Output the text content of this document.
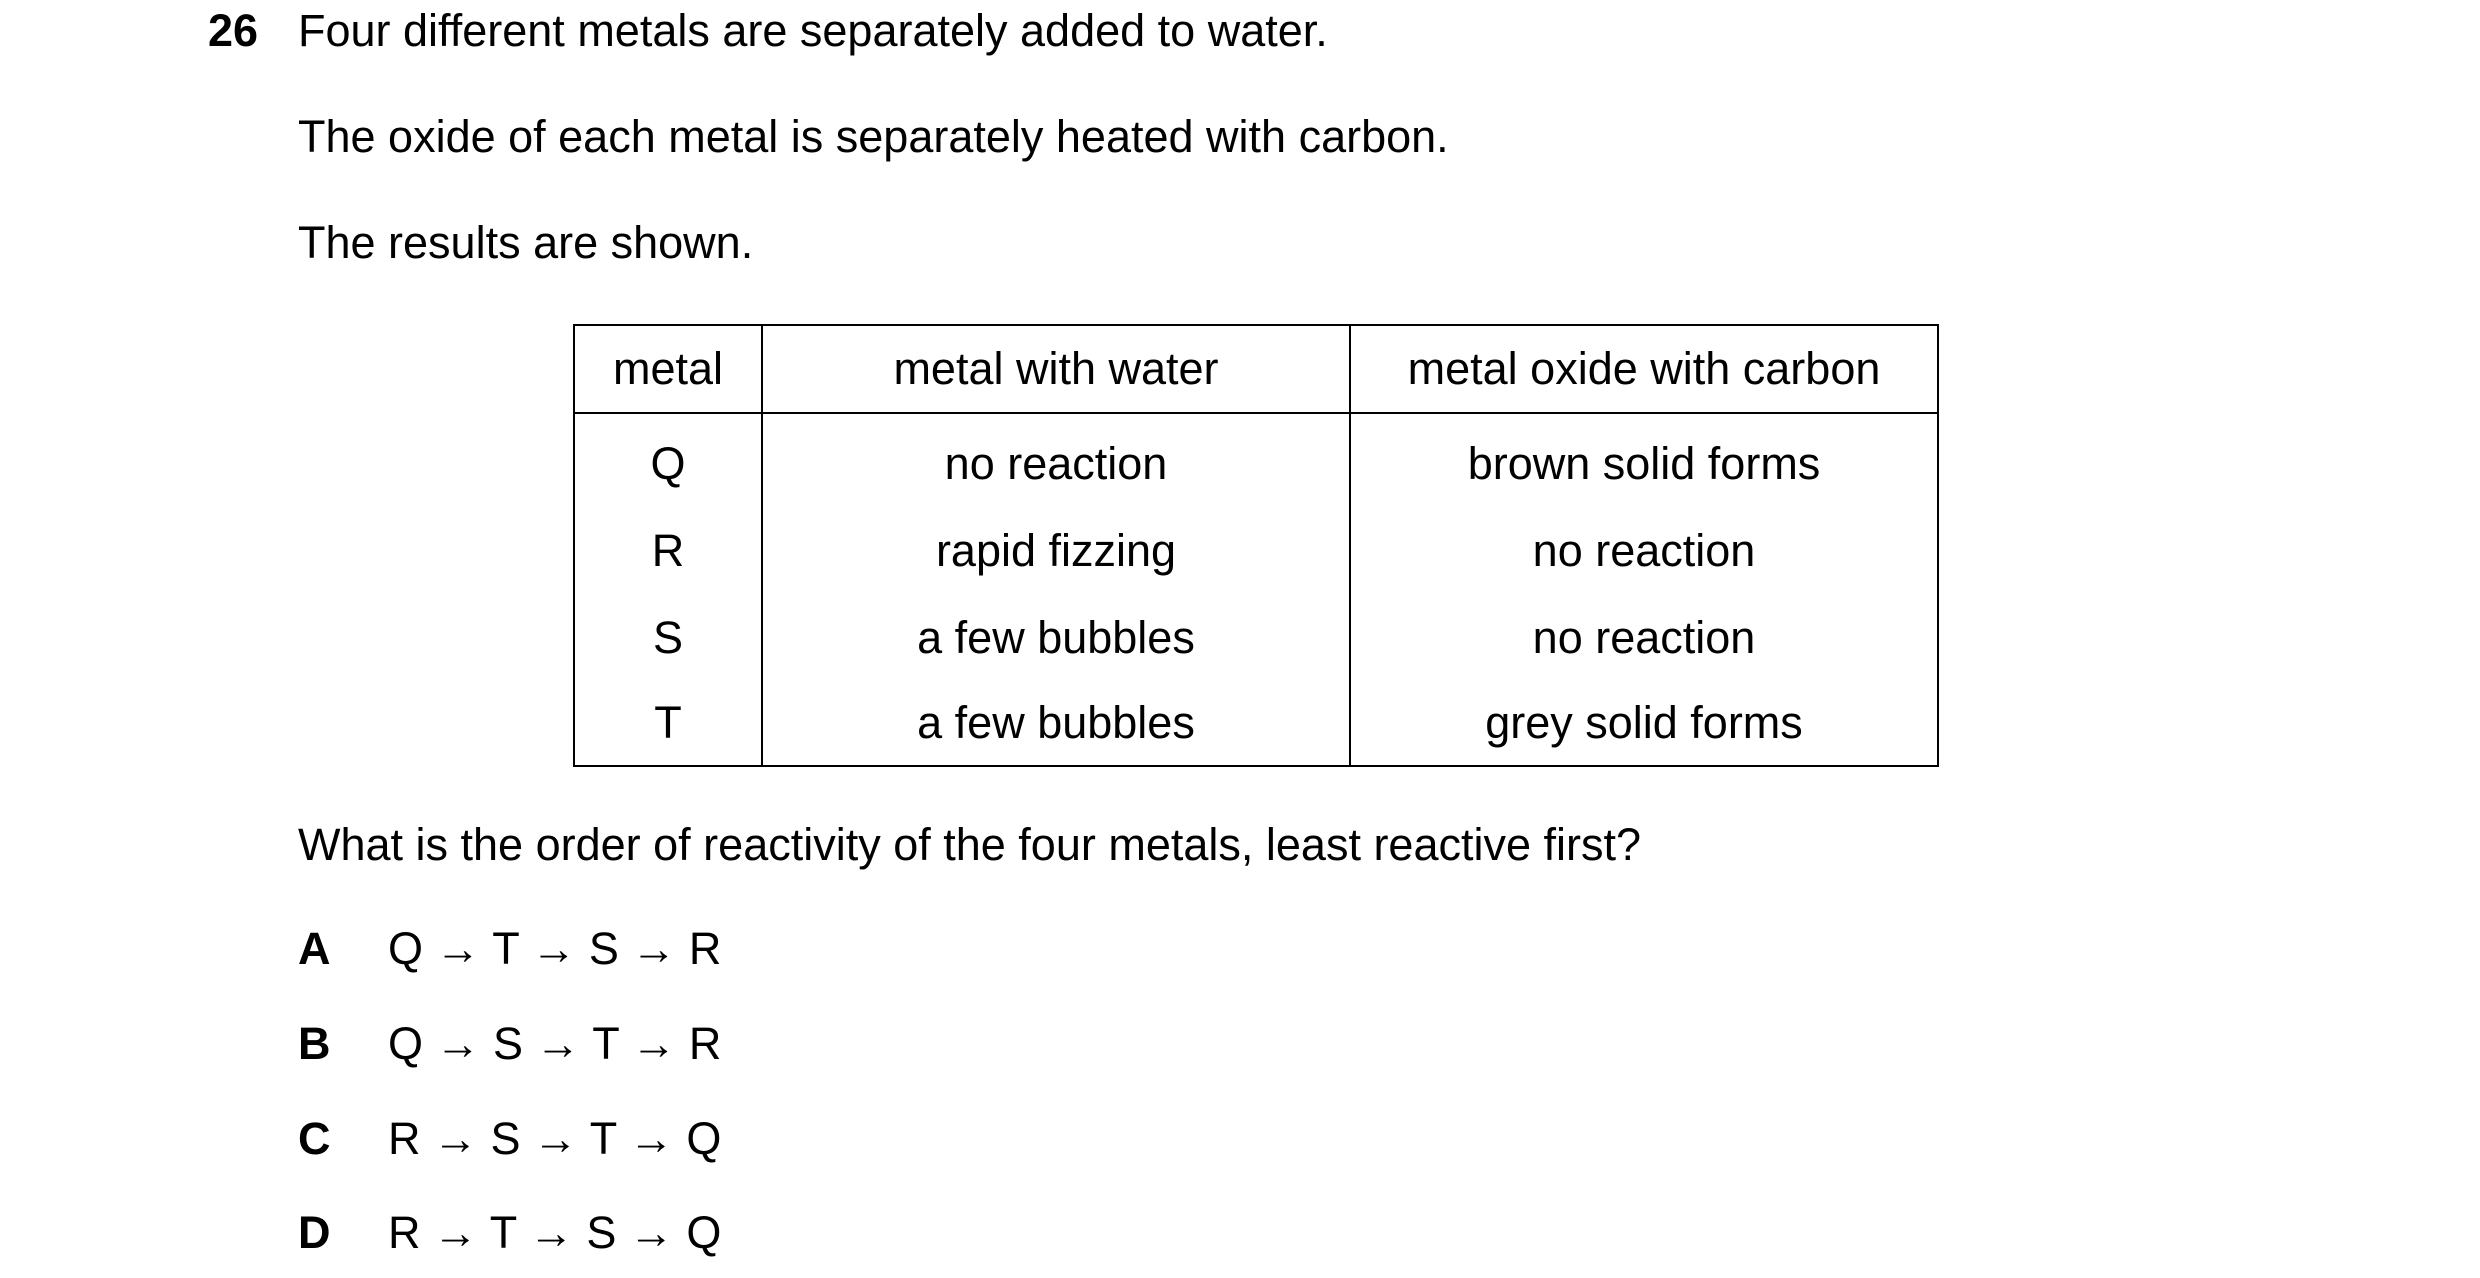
26 Four different metals are separately added to water.
The oxide of each metal is separately heated with carbon.
The results are shown.
metal	metal with water	metal oxide with carbon
Q	no reaction	brown solid forms
R	rapid fizzing	no reaction
S	a few bubbles	no reaction
T	a few bubbles	grey solid forms
What is the order of reactivity of the four metals, least reactive first?
A Q → T → S → R
B Q → S → T → R
C R → S → T → Q
D R → T → S → Q
